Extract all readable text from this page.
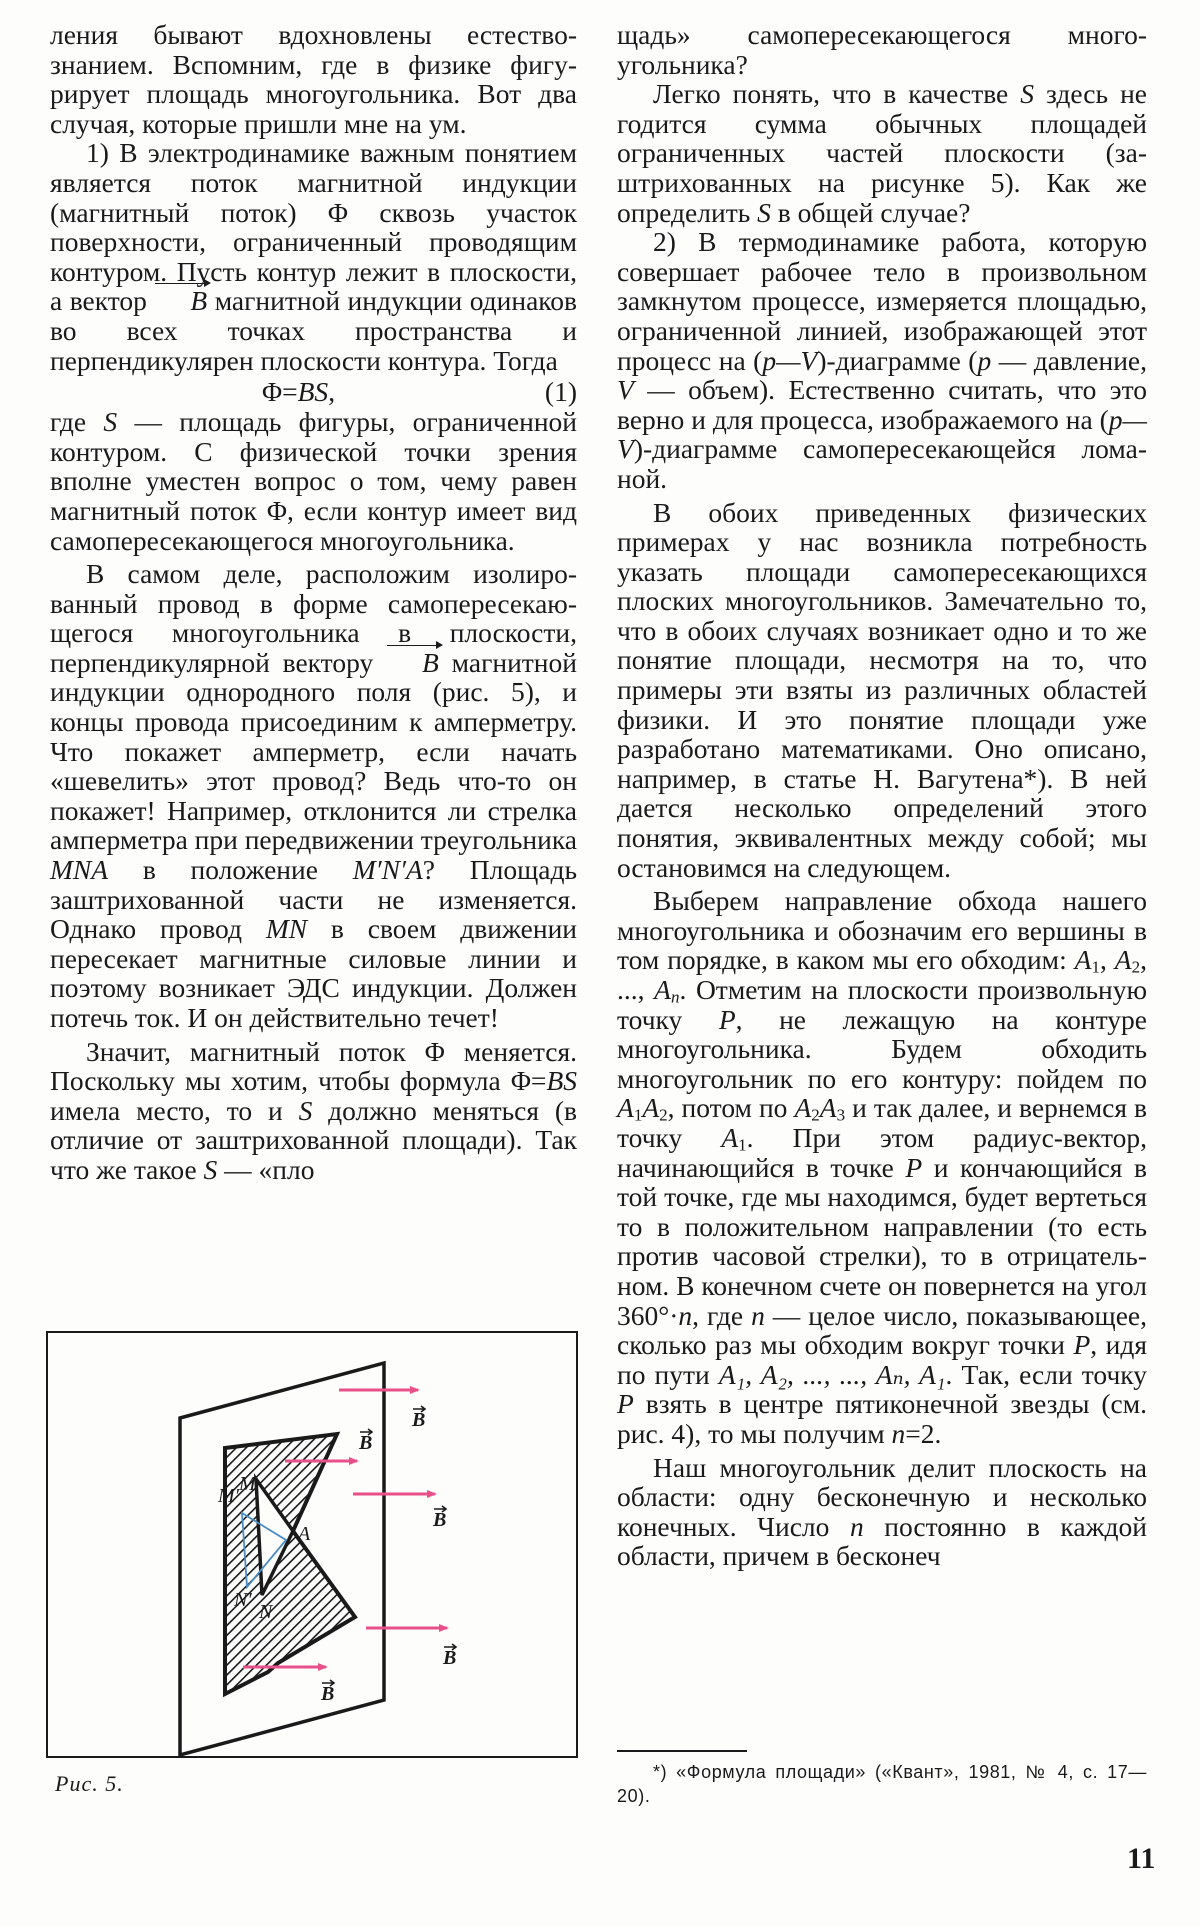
ления бывают вдохновлены естествознанием. Вспомним, где в физике фигурирует площадь многоугольника. Вот два случая, которые пришли мне на ум.

1) В электродинамике важным понятием является поток магнитной индукции (магнитный поток) Φ сквозь участок поверхности, ограниченный проводящим контуром. Пусть контур лежит в плоскости, а вектор B магнитной индукции одинаков во всех точках пространства и перпендикулярен плоскости контура. Тогда

Φ=BS,	(1)

где S — площадь фигуры, ограниченной контуром. С физической точки зрения вполне уместен вопрос о том, чему равен магнитный поток Φ, если контур имеет вид самопересекающегося многоугольника.

В самом деле, расположим изолированный провод в форме самопересекающегося многоугольника в плоскости, перпендикулярной вектору B магнитной индукции однородного поля (рис. 5), и концы провода присоединим к амперметру. Что покажет амперметр, если начать «шевелить» этот провод? Ведь что-то он покажет! Например, отклонится ли стрелка амперметра при передвижении треугольника MNA в положение M′N′A? Площадь заштрихованной части не изменяется. Однако провод MN в своем движении пересекает магнитные силовые линии и поэтому возникает ЭДС индукции. Должен потечь ток. И он действительно течет!

Значит, магнитный поток Φ меняется. Поскольку мы хотим, чтобы формула Φ=BS имела место, то и S должно меняться (в отличие от заштрихованной площади). Так что же такое S — «пло

B
B
B
B
B
M
M′
A
N′
N
Рис. 5.

щадь» самопересекающегося многоугольника?

Легко понять, что в качестве S здесь не годится сумма обычных площадей ограниченных частей плоскости (заштрихованных на рисунке 5). Как же определить S в общей случае?

2) В термодинамике работа, которую совершает рабочее тело в произвольном замкнутом процессе, измеряется площадью, ограниченной линией, изображающей этот процесс на (p—V)-диаграмме (p — давление, V — объем). Естественно считать, что это верно и для процесса, изображаемого на (p—V)-диаграмме самопересекающейся ломаной.

В обоих приведенных физических примерах у нас возникла потребность указать площади самопересекающихся плоских многоугольников. Замечательно то, что в обоих случаях возникает одно и то же понятие площади, несмотря на то, что примеры эти взяты из различных областей физики. И это понятие площади уже разработано математиками. Оно описано, например, в статье Н. Вагутена*). В ней дается несколько определений этого понятия, эквивалентных между собой; мы остановимся на следующем.

Выберем направление обхода нашего многоугольника и обозначим его вершины в том порядке, в каком мы его обходим: $A_1$, $A_2$, ..., $A_n$. Отметим на плоскости произвольную точку P, не лежащую на контуре многоугольника. Будем обходить многоугольник по его контуру: пойдем по $A_1A_2$, потом по $A_2A_3$ и так далее, и вернемся в точку $A_1$. При этом радиус-вектор, начинающийся в точке P и кончающийся в той точке, где мы находимся, будет вертеться то в положительном направлении (то есть против часовой стрелки), то в отрицательном. В конечном счете он повернется на угол 360°·n, где n — целое число, показывающее, сколько раз мы обходим вокруг точки P, идя по пути A₁, A₂, ..., ..., Aₙ, A₁. Так, если точку P взять в центре пятиконечной звезды (см. рис. 4), то мы получим n=2.

Наш многоугольник делит плоскость на области: одну бесконечную и несколько конечных. Число n постоянно в каждой области, причем в бесконеч

*) «Формула площади» («Квант», 1981, № 4, с. 17—20).
11
